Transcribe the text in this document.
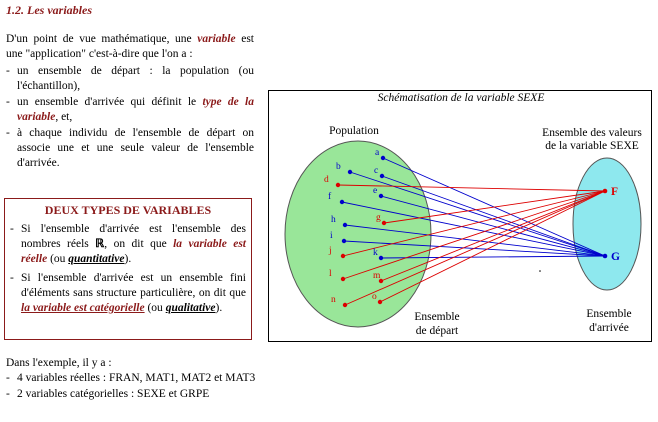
1.2. Les variables
D'un point de vue mathématique, une variable est une "application" c'est-à-dire que l'on a :
- un ensemble de départ : la population (ou l'échantillon),
- un ensemble d'arrivée qui définit le type de la variable, et,
- à chaque individu de l'ensemble de départ on associe une et une seule valeur de l'ensemble d'arrivée.
DEUX TYPES DE VARIABLES
- Si l'ensemble d'arrivée est l'ensemble des nombres réels ℝ, on dit que la variable est réelle (ou quantitative).
- Si l'ensemble d'arrivée est un ensemble fini d'éléments sans structure particulière, on dit que la variable est catégorielle (ou qualitative).
Dans l'exemple, il y a :
- 4 variables réelles : FRAN, MAT1, MAT2 et MAT3
- 2 variables catégorielles : SEXE et GRPE
Schématisation de la variable SEXE
Population	Ensemble des valeurs
de la variable SEXE
Ensemble
de départ
Ensemble
d'arrivée
a
b	c
d
e
f
g
h
i
j	k
l	m
n	o
F
G
